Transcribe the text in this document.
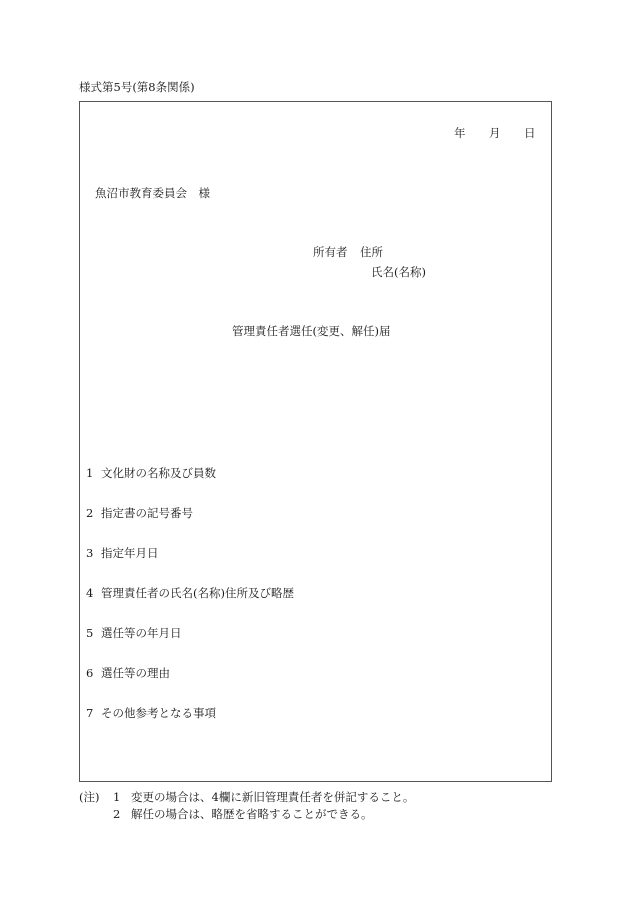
様式第5号(第8条関係)
年 月 日
魚沼市教育委員会　様
所有者 住所
氏名(名称)
管理責任者選任(変更、解任)届
1 文化財の名称及び員数
2 指定書の記号番号
3 指定年月日
4 管理責任者の氏名(名称)住所及び略歴
5 選任等の年月日
6 選任等の理由
7 その他参考となる事項
(注) 1 変更の場合は、4欄に新旧管理責任者を併記すること。
2 解任の場合は、略歴を省略することができる。
